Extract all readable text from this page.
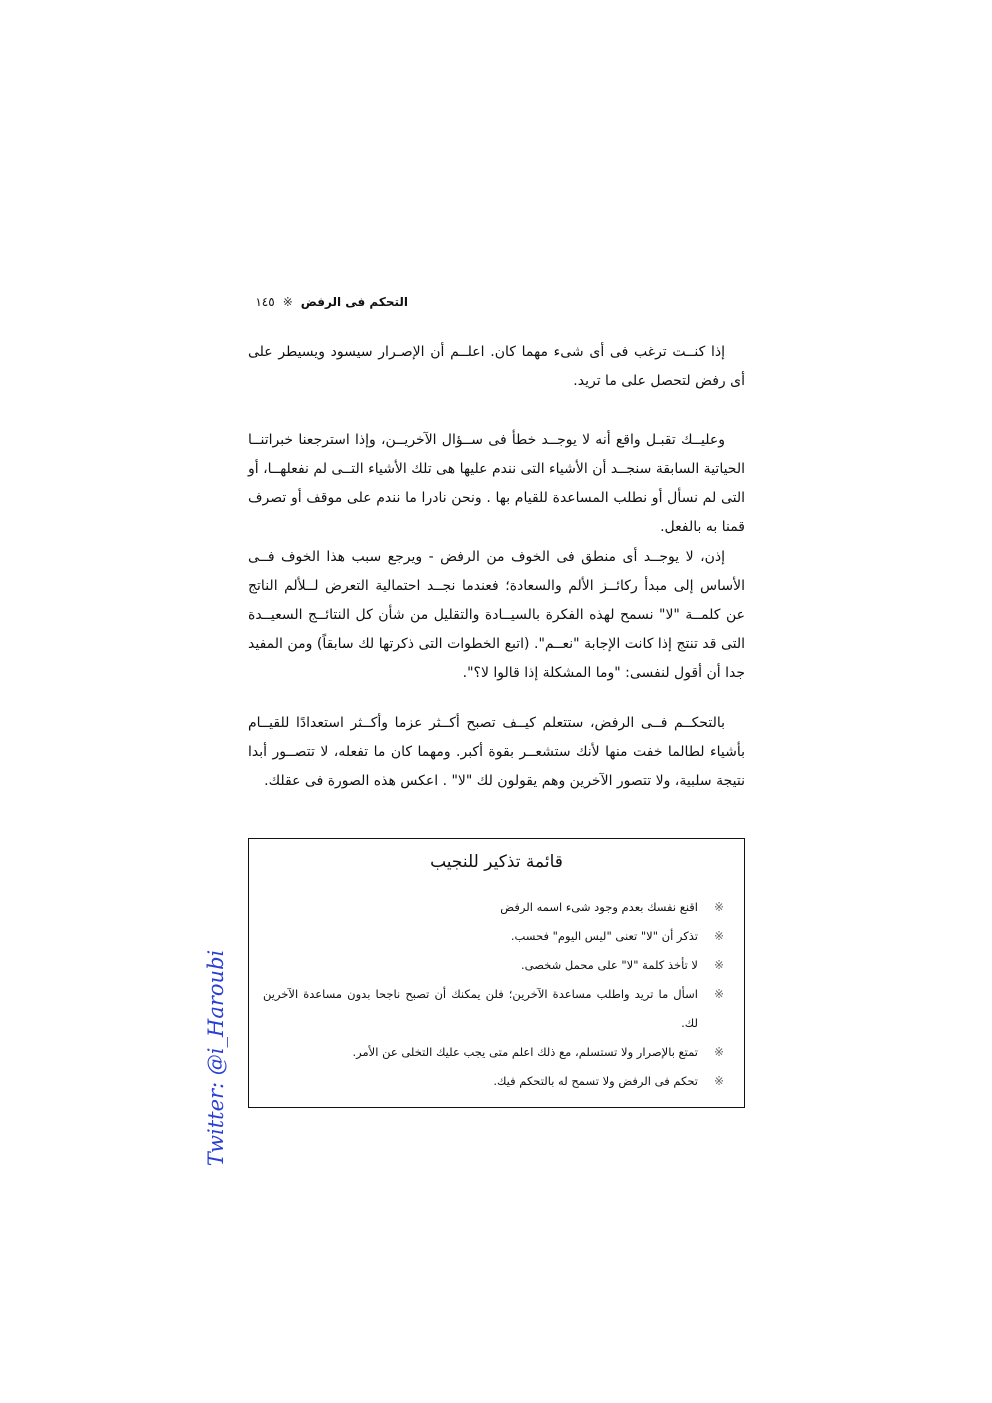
التحكم فى الرفض
※
١٤٥

إذا كنــت ترغب فى أى شىء مهما كان. اعلــم أن الإصـرار سيسود ويسيطر على أى رفض لتحصل على ما تريد.

وعليــك تقبـل واقع أنه لا يوجــد خطأ فى ســؤال الآخريــن، وإذا استرجعنا خبراتنــا الحياتية السابقة سنجــد أن الأشياء التى نندم عليها هى تلك الأشياء التــى لم نفعلهــا، أو التى لم نسأل أو نطلب المساعدة للقيام بها . ونحن نادرا ما نندم على موقف أو تصرف قمنا به بالفعل.

إذن، لا يوجــد أى منطق فى الخوف من الرفض - ويرجع سبب هذا الخوف فــى الأساس إلى مبدأ ركائــز الألم والسعادة؛ فعندما نجــد احتمالية التعرض لــلألم الناتج عن كلمــة "لا" نسمح لهذه الفكرة بالسيــادة والتقليل من شأن كل النتائــج السعيــدة التى قد تنتج إذا كانت الإجابة "نعــم". (اتبع الخطوات التى ذكرتها لك سابقاً) ومن المفيد جدا أن أقول لنفسى: "وما المشكلة إذا قالوا لا؟".

بالتحكــم فــى الرفض، ستتعلم كيــف تصبح أكــثر عزما وأكــثر استعدادًا للقيــام بأشياء لطالما خفت منها لأنك ستشعــر بقوة أكبر. ومهما كان ما تفعله، لا تتصــور أبدا نتيجة سلبية، ولا تتصور الآخرين وهم يقولون لك "لا" . اعكس هذه الصورة فى عقلك.

قائمة تذكير للنجيب
※
اقنع نفسك بعدم وجود شىء اسمه الرفض
※
تذكر أن "لا" تعنى "ليس اليوم" فحسب.
※
لا تأخذ كلمة "لا" على محمل شخصى.
※
اسأل ما تريد واطلب مساعدة الآخرين؛ فلن يمكنك أن تصبح ناجحا بدون مساعدة الآخرين لك.
※
تمتع بالإصرار ولا تستسلم، مع ذلك اعلم متى يجب عليك التخلى عن الأمر.
※
تحكم فى الرفض ولا تسمح له بالتحكم فيك.
Twitter: @i_Haroubi
